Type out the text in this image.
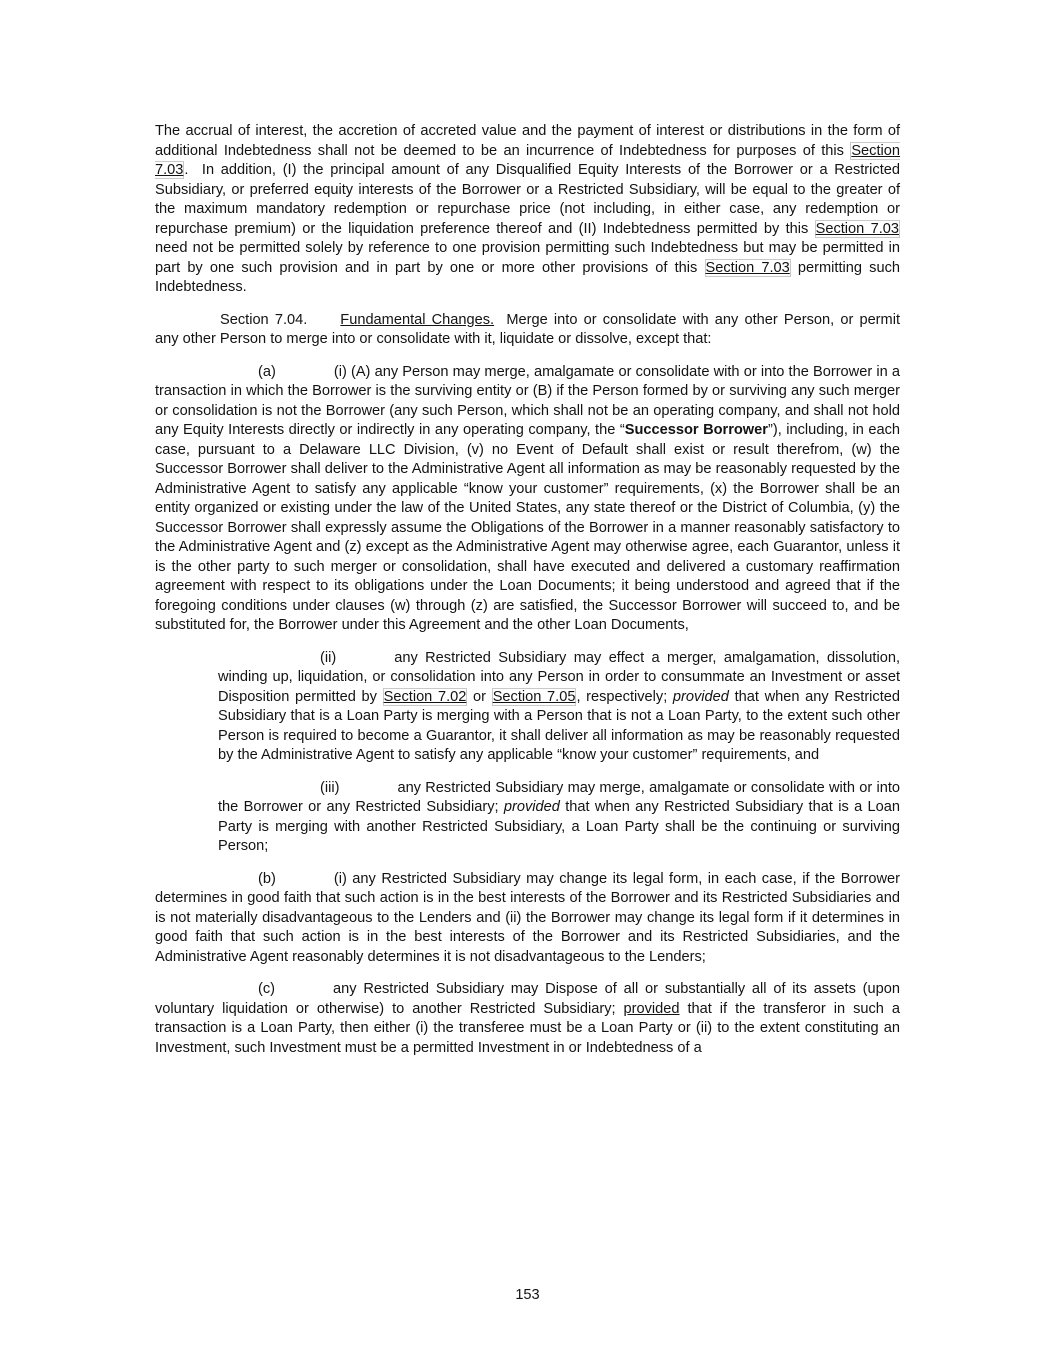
The accrual of interest, the accretion of accreted value and the payment of interest or distributions in the form of additional Indebtedness shall not be deemed to be an incurrence of Indebtedness for purposes of this Section 7.03.  In addition, (I) the principal amount of any Disqualified Equity Interests of the Borrower or a Restricted Subsidiary, or preferred equity interests of the Borrower or a Restricted Subsidiary, will be equal to the greater of the maximum mandatory redemption or repurchase price (not including, in either case, any redemption or repurchase premium) or the liquidation preference thereof and (II) Indebtedness permitted by this Section 7.03 need not be permitted solely by reference to one provision permitting such Indebtedness but may be permitted in part by one such provision and in part by one or more other provisions of this Section 7.03 permitting such Indebtedness.

Section 7.04. Fundamental Changes.  Merge into or consolidate with any other Person, or permit any other Person to merge into or consolidate with it, liquidate or dissolve, except that:

(a)	(i) (A) any Person may merge, amalgamate or consolidate with or into the Borrower in a transaction in which the Borrower is the surviving entity or (B) if the Person formed by or surviving any such merger or consolidation is not the Borrower (any such Person, which shall not be an operating company, and shall not hold any Equity Interests directly or indirectly in any operating company, the “Successor Borrower”), including, in each case, pursuant to a Delaware LLC Division, (v) no Event of Default shall exist or result therefrom, (w) the Successor Borrower shall deliver to the Administrative Agent all information as may be reasonably requested by the Administrative Agent to satisfy any applicable “know your customer” requirements, (x) the Borrower shall be an entity organized or existing under the law of the United States, any state thereof or the District of Columbia, (y) the Successor Borrower shall expressly assume the Obligations of the Borrower in a manner reasonably satisfactory to the Administrative Agent and (z) except as the Administrative Agent may otherwise agree, each Guarantor, unless it is the other party to such merger or consolidation, shall have executed and delivered a customary reaffirmation agreement with respect to its obligations under the Loan Documents; it being understood and agreed that if the foregoing conditions under clauses (w) through (z) are satisfied, the Successor Borrower will succeed to, and be substituted for, the Borrower under this Agreement and the other Loan Documents,

(ii)	any Restricted Subsidiary may effect a merger, amalgamation, dissolution, winding up, liquidation, or consolidation into any Person in order to consummate an Investment or asset Disposition permitted by Section 7.02 or Section 7.05, respectively; provided that when any Restricted Subsidiary that is a Loan Party is merging with a Person that is not a Loan Party, to the extent such other Person is required to become a Guarantor, it shall deliver all information as may be reasonably requested by the Administrative Agent to satisfy any applicable “know your customer” requirements, and

(iii)	any Restricted Subsidiary may merge, amalgamate or consolidate with or into the Borrower or any Restricted Subsidiary; provided that when any Restricted Subsidiary that is a Loan Party is merging with another Restricted Subsidiary, a Loan Party shall be the continuing or surviving Person;

(b)	(i) any Restricted Subsidiary may change its legal form, in each case, if the Borrower determines in good faith that such action is in the best interests of the Borrower and its Restricted Subsidiaries and is not materially disadvantageous to the Lenders and (ii) the Borrower may change its legal form if it determines in good faith that such action is in the best interests of the Borrower and its Restricted Subsidiaries, and the Administrative Agent reasonably determines it is not disadvantageous to the Lenders;

(c)	any Restricted Subsidiary may Dispose of all or substantially all of its assets (upon voluntary liquidation or otherwise) to another Restricted Subsidiary; provided that if the transferor in such a transaction is a Loan Party, then either (i) the transferee must be a Loan Party or (ii) to the extent constituting an Investment, such Investment must be a permitted Investment in or Indebtedness of a

153
